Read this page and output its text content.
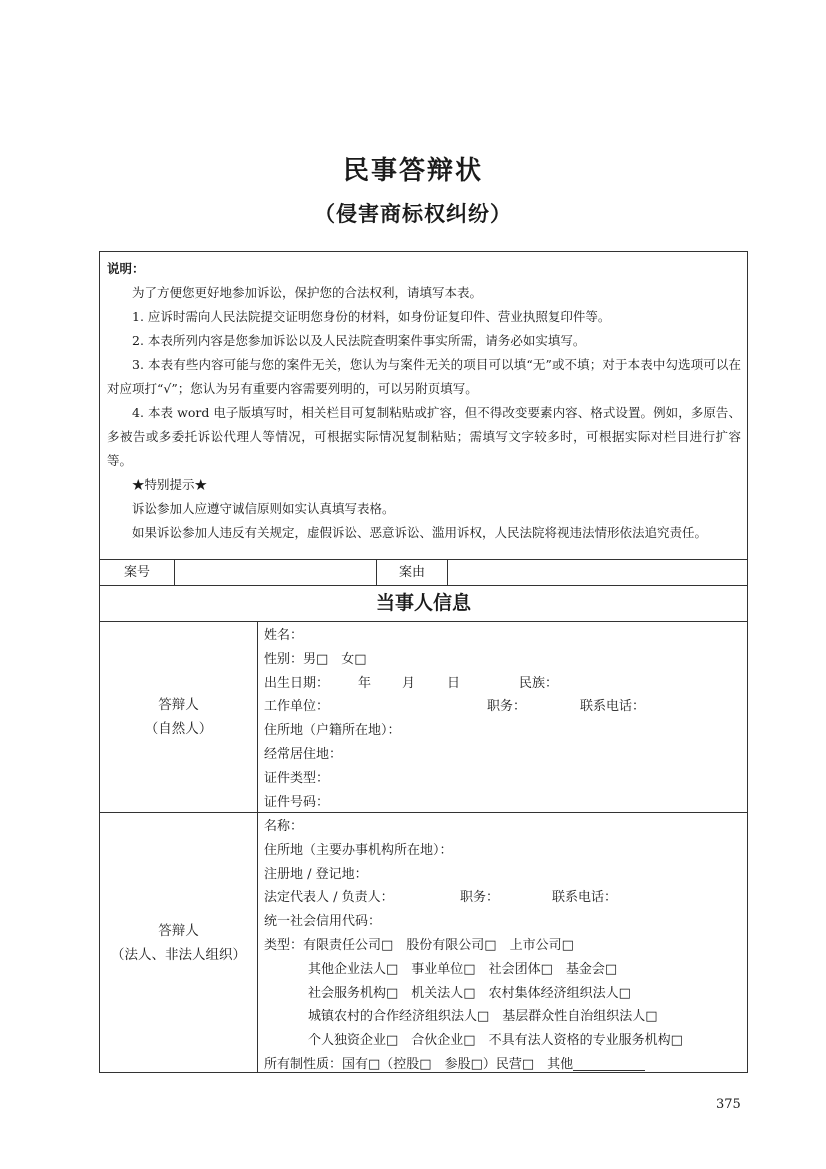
民事答辩状
（侵害商标权纠纷）
说明：

为了方便您更好地参加诉讼，保护您的合法权利，请填写本表。

1. 应诉时需向人民法院提交证明您身份的材料，如身份证复印件、营业执照复印件等。

2. 本表所列内容是您参加诉讼以及人民法院查明案件事实所需，请务必如实填写。

3. 本表有些内容可能与您的案件无关，您认为与案件无关的项目可以填“无”或不填；对于本表中勾选项可以在对应项打“√”；您认为另有重要内容需要列明的，可以另附页填写。

4. 本表 word 电子版填写时，相关栏目可复制粘贴或扩容，但不得改变要素内容、格式设置。例如，多原告、多被告或多委托诉讼代理人等情况，可根据实际情况复制粘贴；需填写文字较多时，可根据实际对栏目进行扩容等。

★特别提示★

诉讼参加人应遵守诚信原则如实认真填写表格。

如果诉讼参加人违反有关规定，虚假诉讼、恶意诉讼、滥用诉权，人民法院将视违法情形依法追究责任。

案号	案由
当事人信息
答辩人
（自然人）
姓名：
性别：男□　女□
出生日期： 年 月 日	民族：
工作单位：	职务：	联系电话：
住所地（户籍所在地）：
经常居住地：
证件类型：
证件号码：
答辩人
（法人、非法人组织）
名称：
住所地（主要办事机构所在地）：
注册地 / 登记地：
法定代表人 / 负责人：	职务：	联系电话：
统一社会信用代码：
类型：有限责任公司□　股份有限公司□　上市公司□
其他企业法人□　事业单位□　社会团体□　基金会□
社会服务机构□　机关法人□　农村集体经济组织法人□
城镇农村的合作经济组织法人□　基层群众性自治组织法人□
个人独资企业□　合伙企业□　不具有法人资格的专业服务机构□
所有制性质：国有□（控股□　参股□）民营□　其他
375
